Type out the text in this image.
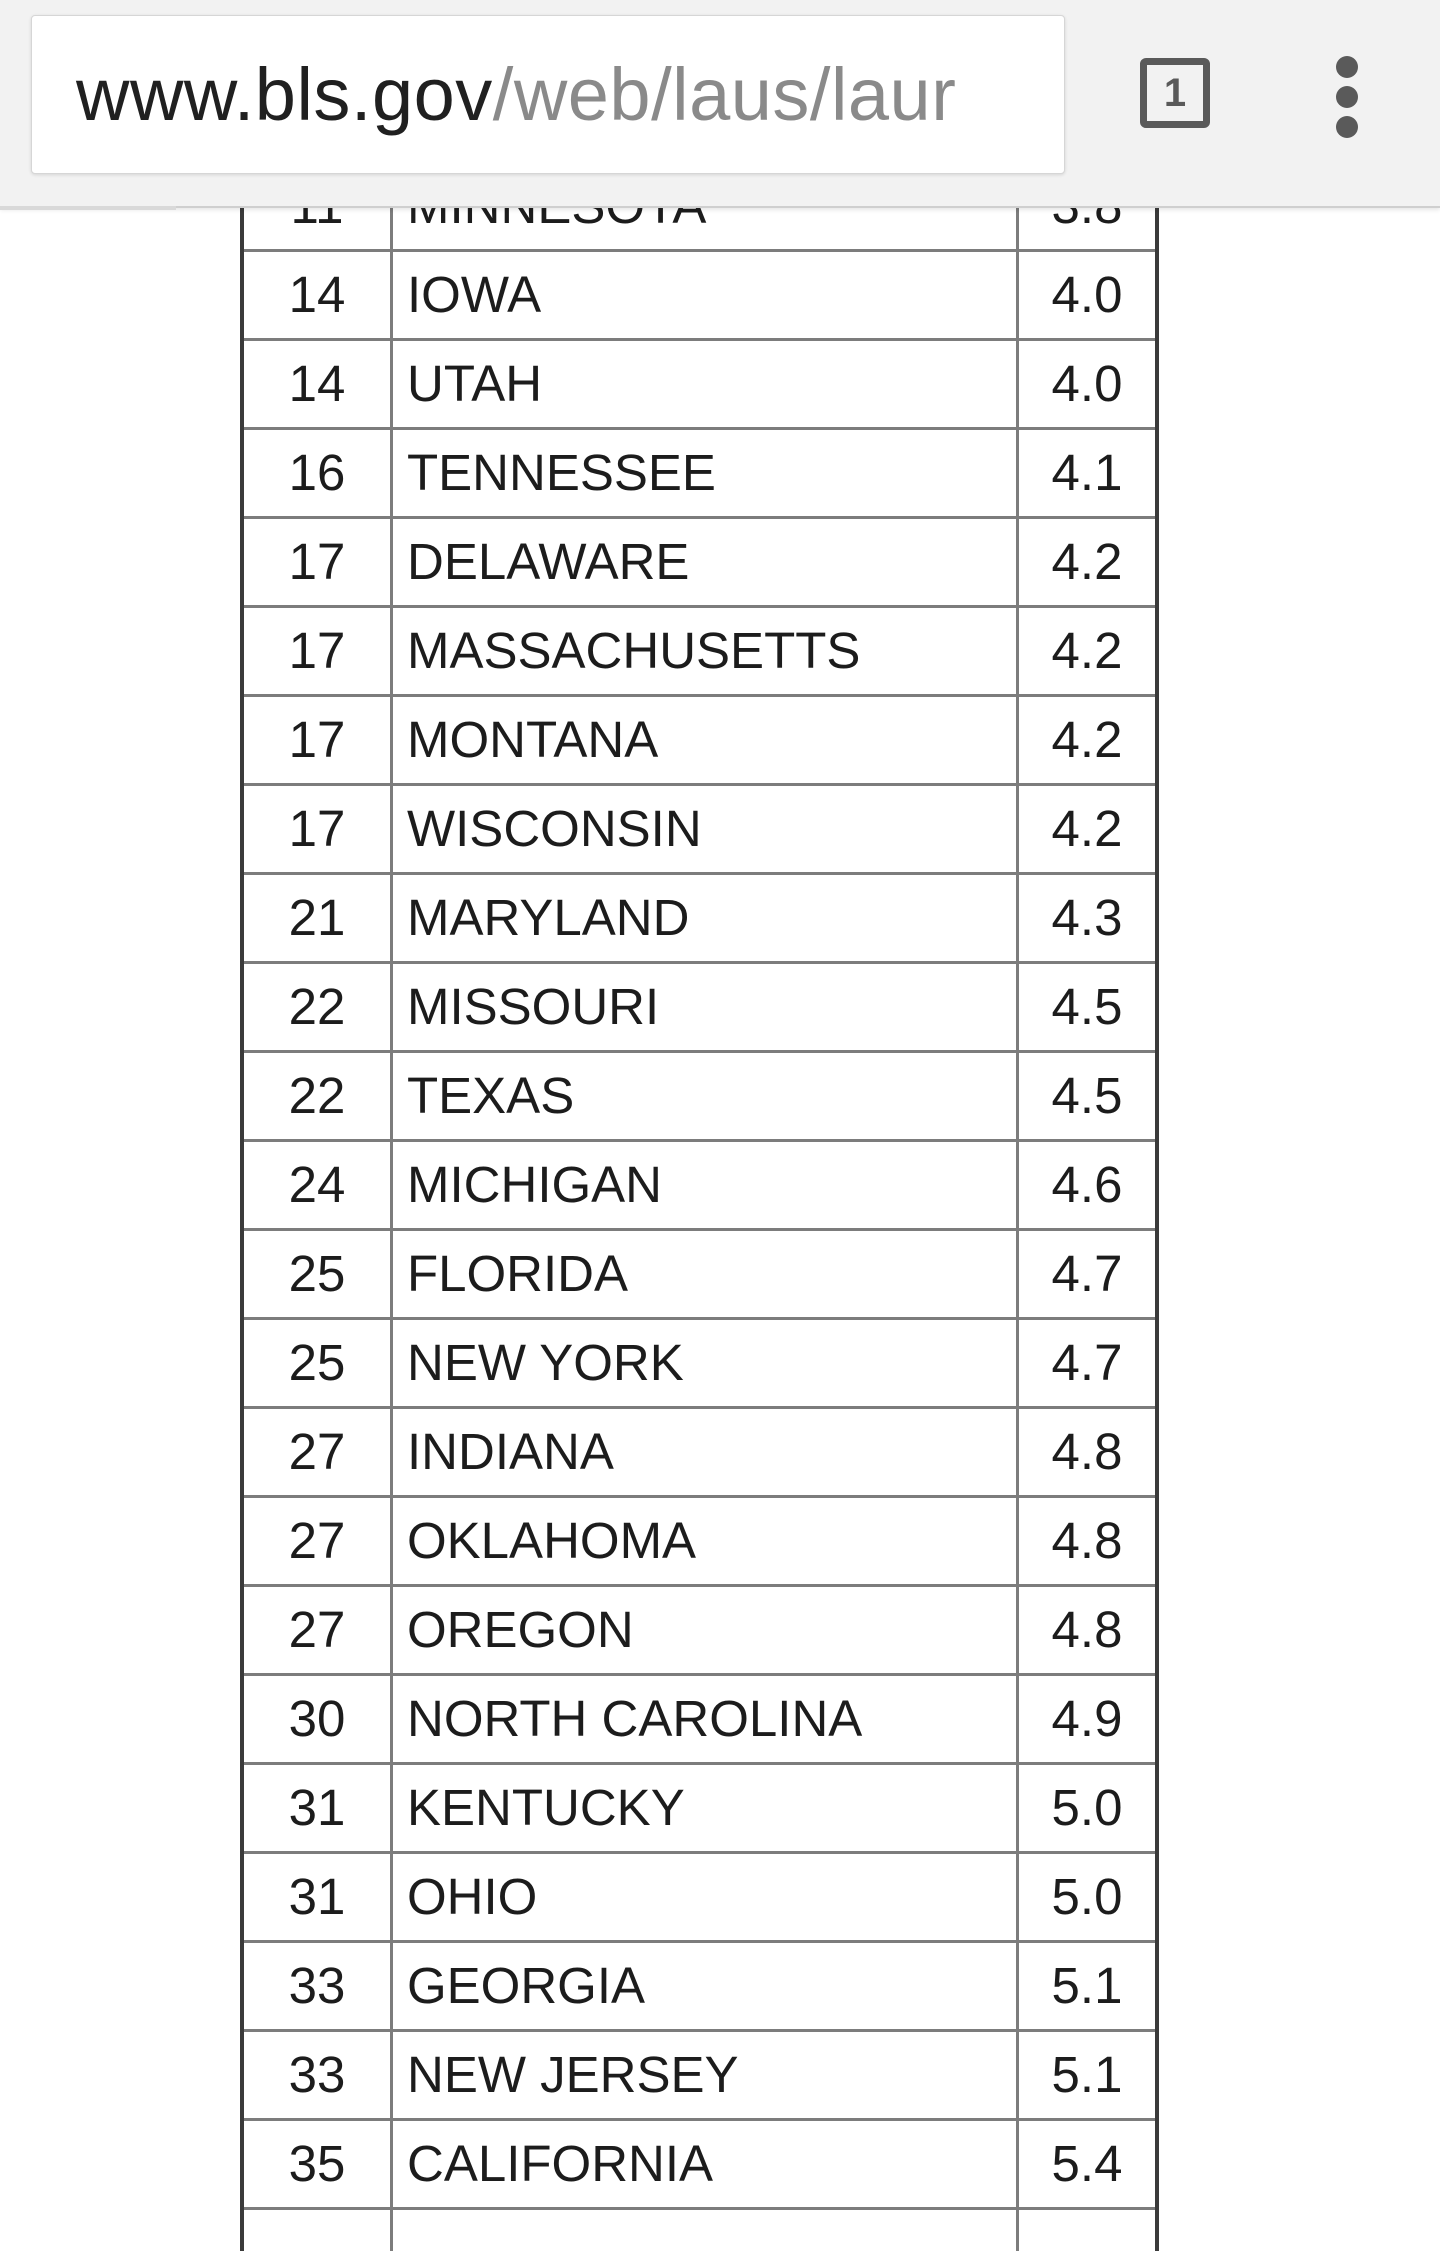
14	IOWA	4.0
14	UTAH	4.0
16	TENNESSEE	4.1
17	DELAWARE	4.2
17	MASSACHUSETTS	4.2
17	MONTANA	4.2
17	WISCONSIN	4.2
21	MARYLAND	4.3
22	MISSOURI	4.5
22	TEXAS	4.5
24	MICHIGAN	4.6
25	FLORIDA	4.7
25	NEW YORK	4.7
27	INDIANA	4.8
27	OKLAHOMA	4.8
27	OREGON	4.8
30	NORTH CAROLINA	4.9
31	KENTUCKY	5.0
31	OHIO	5.0
33	GEORGIA	5.1
33	NEW JERSEY	5.1
35	CALIFORNIA	5.4

www.bls.gov/web/laus/laur	1
